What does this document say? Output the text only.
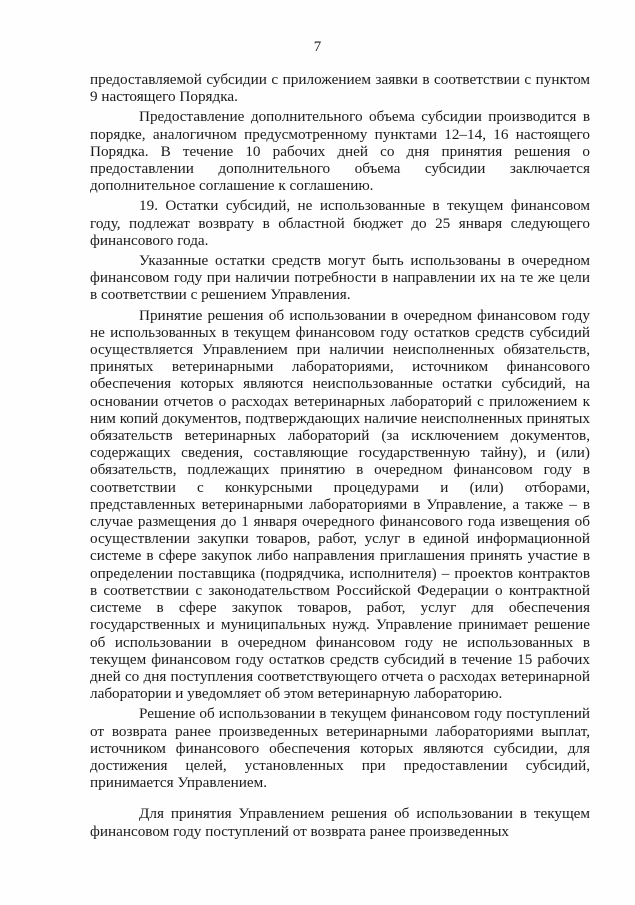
7

предоставляемой субсидии с приложением заявки в соответствии с пунктом 9 настоящего Порядка.

Предоставление дополнительного объема субсидии производится в порядке, аналогичном предусмотренному пунктами 12–14, 16 настоящего Порядка. В течение 10 рабочих дней со дня принятия решения о предоставлении дополнительного объема субсидии заключается дополнительное соглашение к соглашению.

19. Остатки субсидий, не использованные в текущем финансовом году, подлежат возврату в областной бюджет до 25 января следующего финансового года.

Указанные остатки средств могут быть использованы в очередном финансовом году при наличии потребности в направлении их на те же цели в соответствии с решением Управления.

Принятие решения об использовании в очередном финансовом году не использованных в текущем финансовом году остатков средств субсидий осуществляется Управлением при наличии неисполненных обязательств, принятых ветеринарными лабораториями, источником финансового обеспечения которых являются неиспользованные остатки субсидий, на основании отчетов о расходах ветеринарных лабораторий с приложением к ним копий документов, подтверждающих наличие неисполненных принятых обязательств ветеринарных лабораторий (за исключением документов, содержащих сведения, составляющие государственную тайну), и (или) обязательств, подлежащих принятию в очередном финансовом году в соответствии с конкурсными процедурами и (или) отборами, представленных ветеринарными лабораториями в Управление, а также – в случае размещения до 1 января очередного финансового года извещения об осуществлении закупки товаров, работ, услуг в единой информационной системе в сфере закупок либо направления приглашения принять участие в определении поставщика (подрядчика, исполнителя) – проектов контрактов в соответствии с законодательством Российской Федерации о контрактной системе в сфере закупок товаров, работ, услуг для обеспечения государственных и муниципальных нужд. Управление принимает решение об использовании в очередном финансовом году не использованных в текущем финансовом году остатков средств субсидий в течение 15 рабочих дней со дня поступления соответствующего отчета о расходах ветеринарной лаборатории и уведомляет об этом ветеринарную лабораторию.

Решение об использовании в текущем финансовом году поступлений от возврата ранее произведенных ветеринарными лабораториями выплат, источником финансового обеспечения которых являются субсидии, для достижения целей, установленных при предоставлении субсидий, принимается Управлением.

Для принятия Управлением решения об использовании в текущем финансовом году поступлений от возврата ранее произведенных
